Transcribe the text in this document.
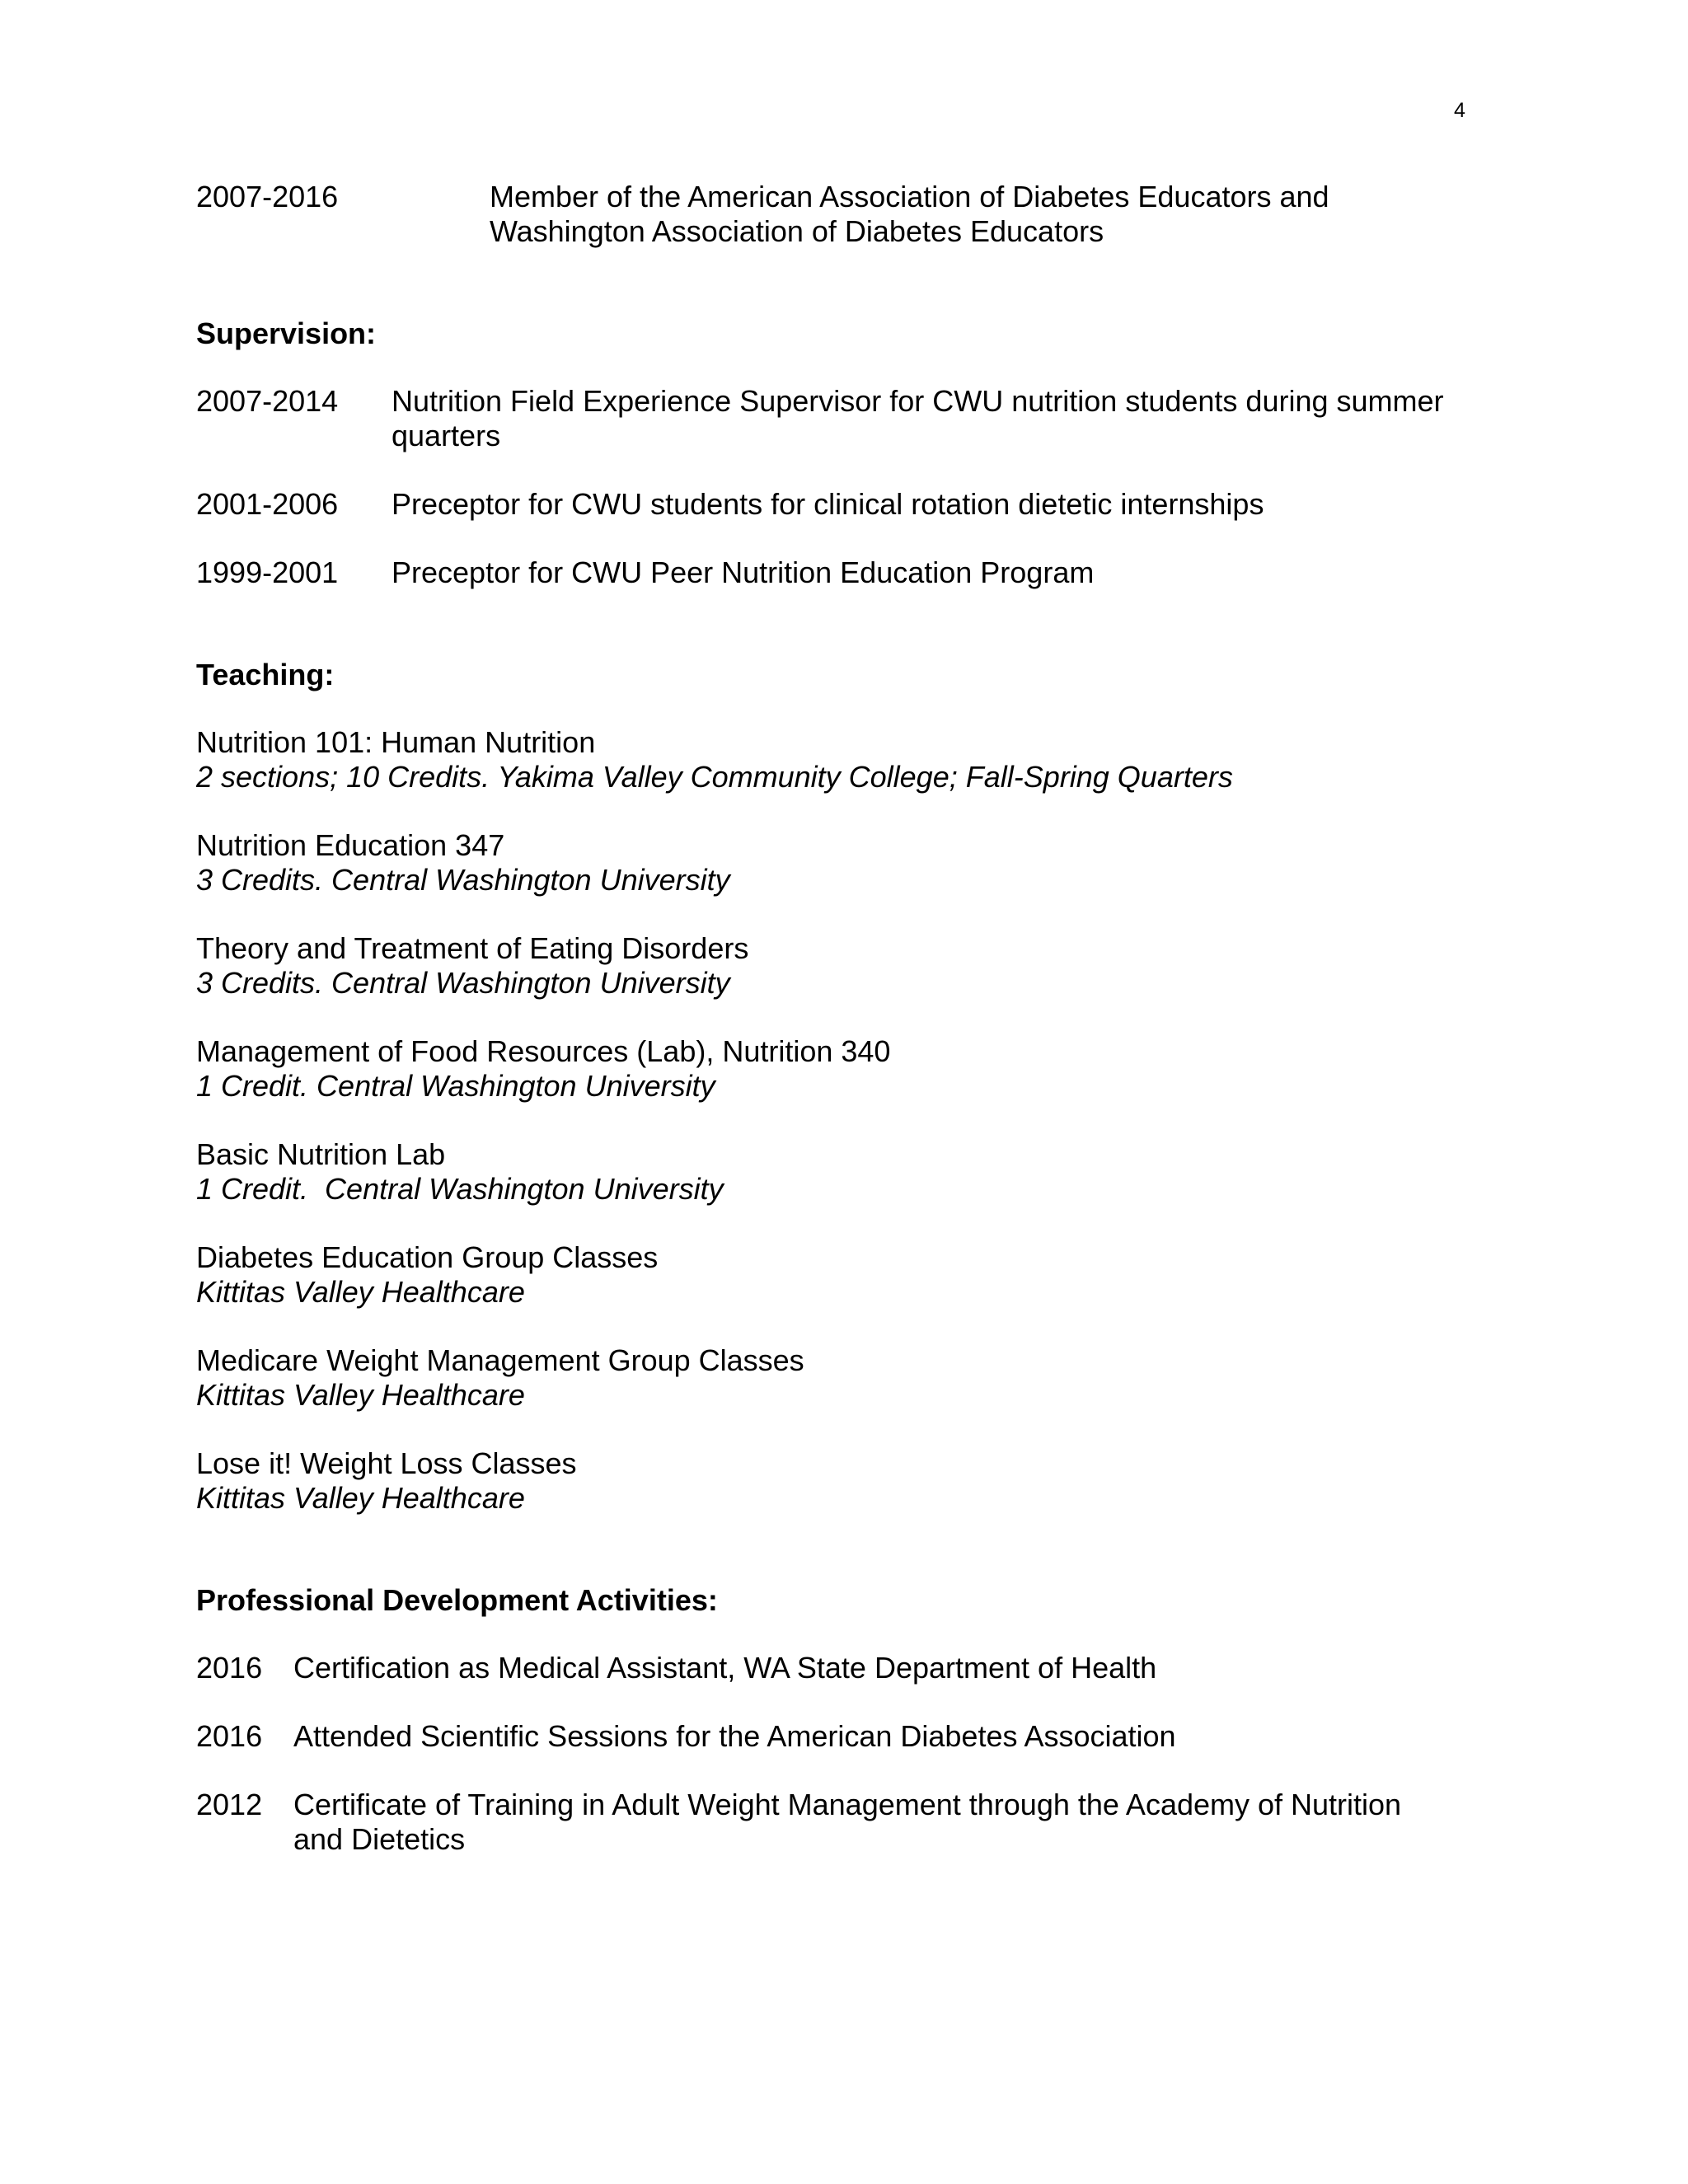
4
2007-2016	Member of the American Association of Diabetes Educators and
Washington Association of Diabetes Educators
Supervision:
2007-2014	Nutrition Field Experience Supervisor for CWU nutrition students during summer
quarters
2001-2006	Preceptor for CWU students for clinical rotation dietetic internships
1999-2001	Preceptor for CWU Peer Nutrition Education Program
Teaching:
Nutrition 101: Human Nutrition
2 sections; 10 Credits. Yakima Valley Community College; Fall-Spring Quarters
Nutrition Education 347
3 Credits. Central Washington University
Theory and Treatment of Eating Disorders
3 Credits. Central Washington University
Management of Food Resources (Lab), Nutrition 340
1 Credit. Central Washington University
Basic Nutrition Lab
1 Credit.  Central Washington University
Diabetes Education Group Classes
Kittitas Valley Healthcare
Medicare Weight Management Group Classes
Kittitas Valley Healthcare
Lose it! Weight Loss Classes
Kittitas Valley Healthcare
Professional Development Activities:
2016	Certification as Medical Assistant, WA State Department of Health
2016	Attended Scientific Sessions for the American Diabetes Association
2012	Certificate of Training in Adult Weight Management through the Academy of Nutrition
and Dietetics
